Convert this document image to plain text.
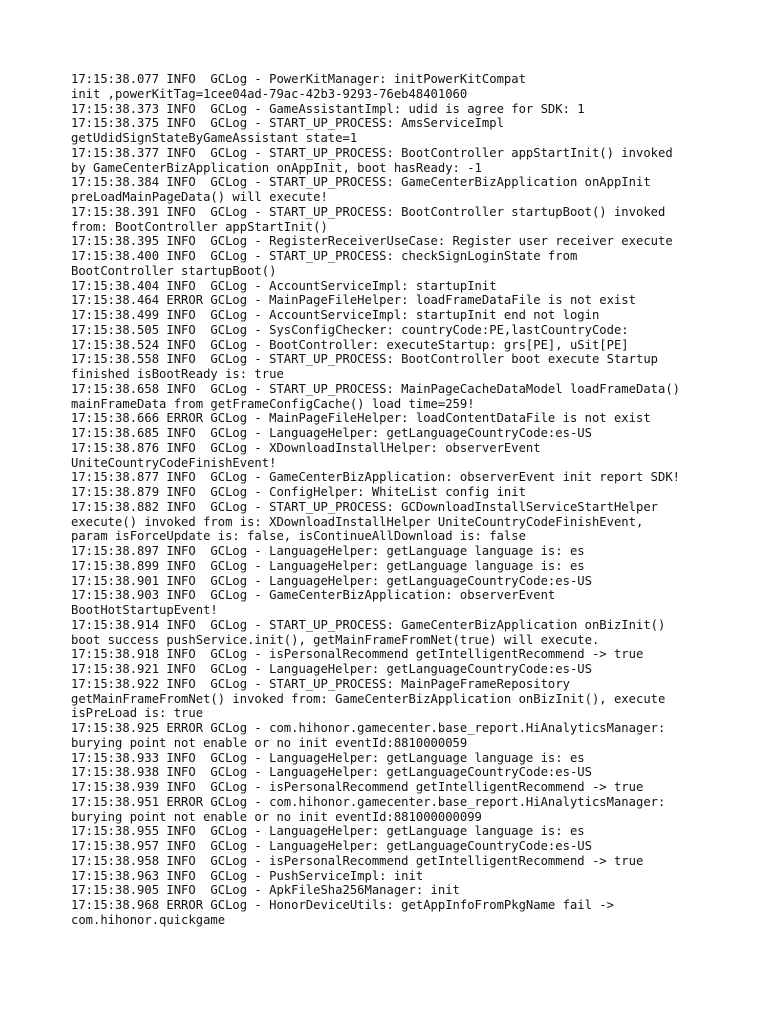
17:15:38.077 INFO  GCLog - PowerKitManager: initPowerKitCompat
init ,powerKitTag=1cee04ad-79ac-42b3-9293-76eb48401060
17:15:38.373 INFO  GCLog - GameAssistantImpl: udid is agree for SDK: 1
17:15:38.375 INFO  GCLog - START_UP_PROCESS: AmsServiceImpl
getUdidSignStateByGameAssistant state=1
17:15:38.377 INFO  GCLog - START_UP_PROCESS: BootController appStartInit() invoked
by GameCenterBizApplication onAppInit, boot hasReady: -1
17:15:38.384 INFO  GCLog - START_UP_PROCESS: GameCenterBizApplication onAppInit
preLoadMainPageData() will execute!
17:15:38.391 INFO  GCLog - START_UP_PROCESS: BootController startupBoot() invoked
from: BootController appStartInit()
17:15:38.395 INFO  GCLog - RegisterReceiverUseCase: Register user receiver execute
17:15:38.400 INFO  GCLog - START_UP_PROCESS: checkSignLoginState from
BootController startupBoot()
17:15:38.404 INFO  GCLog - AccountServiceImpl: startupInit
17:15:38.464 ERROR GCLog - MainPageFileHelper: loadFrameDataFile is not exist
17:15:38.499 INFO  GCLog - AccountServiceImpl: startupInit end not login
17:15:38.505 INFO  GCLog - SysConfigChecker: countryCode:PE,lastCountryCode:
17:15:38.524 INFO  GCLog - BootController: executeStartup: grs[PE], uSit[PE]
17:15:38.558 INFO  GCLog - START_UP_PROCESS: BootController boot execute Startup
finished isBootReady is: true
17:15:38.658 INFO  GCLog - START_UP_PROCESS: MainPageCacheDataModel loadFrameData()
mainFrameData from getFrameConfigCache() load time=259!
17:15:38.666 ERROR GCLog - MainPageFileHelper: loadContentDataFile is not exist
17:15:38.685 INFO  GCLog - LanguageHelper: getLanguageCountryCode:es-US
17:15:38.876 INFO  GCLog - XDownloadInstallHelper: observerEvent
UniteCountryCodeFinishEvent!
17:15:38.877 INFO  GCLog - GameCenterBizApplication: observerEvent init report SDK!
17:15:38.879 INFO  GCLog - ConfigHelper: WhiteList config init
17:15:38.882 INFO  GCLog - START_UP_PROCESS: GCDownloadInstallServiceStartHelper
execute() invoked from is: XDownloadInstallHelper UniteCountryCodeFinishEvent,
param isForceUpdate is: false, isContinueAllDownload is: false
17:15:38.897 INFO  GCLog - LanguageHelper: getLanguage language is: es
17:15:38.899 INFO  GCLog - LanguageHelper: getLanguage language is: es
17:15:38.901 INFO  GCLog - LanguageHelper: getLanguageCountryCode:es-US
17:15:38.903 INFO  GCLog - GameCenterBizApplication: observerEvent
BootHotStartupEvent!
17:15:38.914 INFO  GCLog - START_UP_PROCESS: GameCenterBizApplication onBizInit()
boot success pushService.init(), getMainFrameFromNet(true) will execute.
17:15:38.918 INFO  GCLog - isPersonalRecommend getIntelligentRecommend -> true
17:15:38.921 INFO  GCLog - LanguageHelper: getLanguageCountryCode:es-US
17:15:38.922 INFO  GCLog - START_UP_PROCESS: MainPageFrameRepository
getMainFrameFromNet() invoked from: GameCenterBizApplication onBizInit(), execute
isPreLoad is: true
17:15:38.925 ERROR GCLog - com.hihonor.gamecenter.base_report.HiAnalyticsManager:
burying point not enable or no init eventId:8810000059
17:15:38.933 INFO  GCLog - LanguageHelper: getLanguage language is: es
17:15:38.938 INFO  GCLog - LanguageHelper: getLanguageCountryCode:es-US
17:15:38.939 INFO  GCLog - isPersonalRecommend getIntelligentRecommend -> true
17:15:38.951 ERROR GCLog - com.hihonor.gamecenter.base_report.HiAnalyticsManager:
burying point not enable or no init eventId:881000000099
17:15:38.955 INFO  GCLog - LanguageHelper: getLanguage language is: es
17:15:38.957 INFO  GCLog - LanguageHelper: getLanguageCountryCode:es-US
17:15:38.958 INFO  GCLog - isPersonalRecommend getIntelligentRecommend -> true
17:15:38.963 INFO  GCLog - PushServiceImpl: init
17:15:38.905 INFO  GCLog - ApkFileSha256Manager: init
17:15:38.968 ERROR GCLog - HonorDeviceUtils: getAppInfoFromPkgName fail ->
com.hihonor.quickgame
